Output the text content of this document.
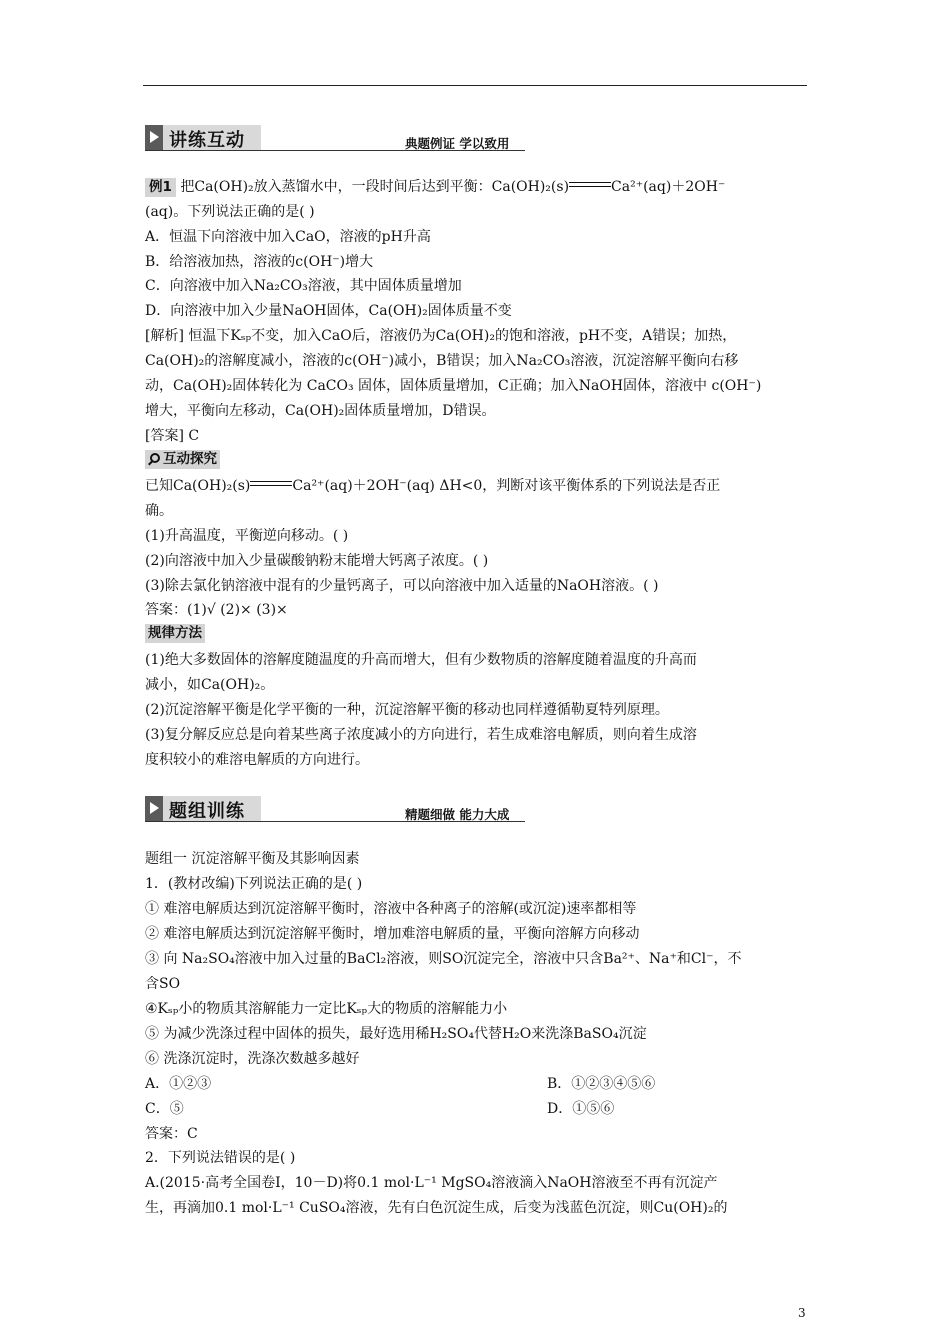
讲练互动	典题例证 学以致用
例1 把Ca(OH)₂放入蒸馏水中，一段时间后达到平衡：Ca(OH)₂(s)	Ca²⁺(aq)＋2OH⁻
(aq)。下列说法正确的是( )
A．恒温下向溶液中加入CaO，溶液的pH升高
B．给溶液加热，溶液的c(OH⁻)增大
C．向溶液中加入Na₂CO₃溶液，其中固体质量增加
D．向溶液中加入少量NaOH固体，Ca(OH)₂固体质量不变
[解析] 恒温下Kₛₚ不变，加入CaO后，溶液仍为Ca(OH)₂的饱和溶液，pH不变，A错误；加热，
Ca(OH)₂的溶解度减小，溶液的c(OH⁻)减小，B错误；加入Na₂CO₃溶液，沉淀溶解平衡向右移
动，Ca(OH)₂固体转化为 CaCO₃ 固体，固体质量增加，C正确；加入NaOH固体，溶液中 c(OH⁻)
增大，平衡向左移动，Ca(OH)₂固体质量增加，D错误。
[答案] C
互动探究
已知Ca(OH)₂(s)	Ca²⁺(aq)＋2OH⁻(aq) ΔH<0，判断对该平衡体系的下列说法是否正
确。
(1)升高温度，平衡逆向移动。( )
(2)向溶液中加入少量碳酸钠粉末能增大钙离子浓度。( )
(3)除去氯化钠溶液中混有的少量钙离子，可以向溶液中加入适量的NaOH溶液。( )
答案：(1)√ (2)× (3)×
规律方法
(1)绝大多数固体的溶解度随温度的升高而增大，但有少数物质的溶解度随着温度的升高而
减小，如Ca(OH)₂。
(2)沉淀溶解平衡是化学平衡的一种，沉淀溶解平衡的移动也同样遵循勒夏特列原理。
(3)复分解反应总是向着某些离子浓度减小的方向进行，若生成难溶电解质，则向着生成溶
度积较小的难溶电解质的方向进行。
题组训练	精题细做 能力大成
题组一 沉淀溶解平衡及其影响因素
1．(教材改编)下列说法正确的是( )
① 难溶电解质达到沉淀溶解平衡时，溶液中各种离子的溶解(或沉淀)速率都相等
② 难溶电解质达到沉淀溶解平衡时，增加难溶电解质的量，平衡向溶解方向移动
③ 向 Na₂SO₄溶液中加入过量的BaCl₂溶液，则SO沉淀完全，溶液中只含Ba²⁺、Na⁺和Cl⁻，不
含SO
④Kₛₚ小的物质其溶解能力一定比Kₛₚ大的物质的溶解能力小
⑤ 为减少洗涤过程中固体的损失，最好选用稀H₂SO₄代替H₂O来洗涤BaSO₄沉淀
⑥ 洗涤沉淀时，洗涤次数越多越好
A．①②③	B．①②③④⑤⑥
C．⑤	D．①⑤⑥
答案：C
2．下列说法错误的是( )
A.(2015·高考全国卷Ⅰ，10－D)将0.1 mol·L⁻¹ MgSO₄溶液滴入NaOH溶液至不再有沉淀产
生，再滴加0.1 mol·L⁻¹ CuSO₄溶液，先有白色沉淀生成，后变为浅蓝色沉淀，则Cu(OH)₂的
3
